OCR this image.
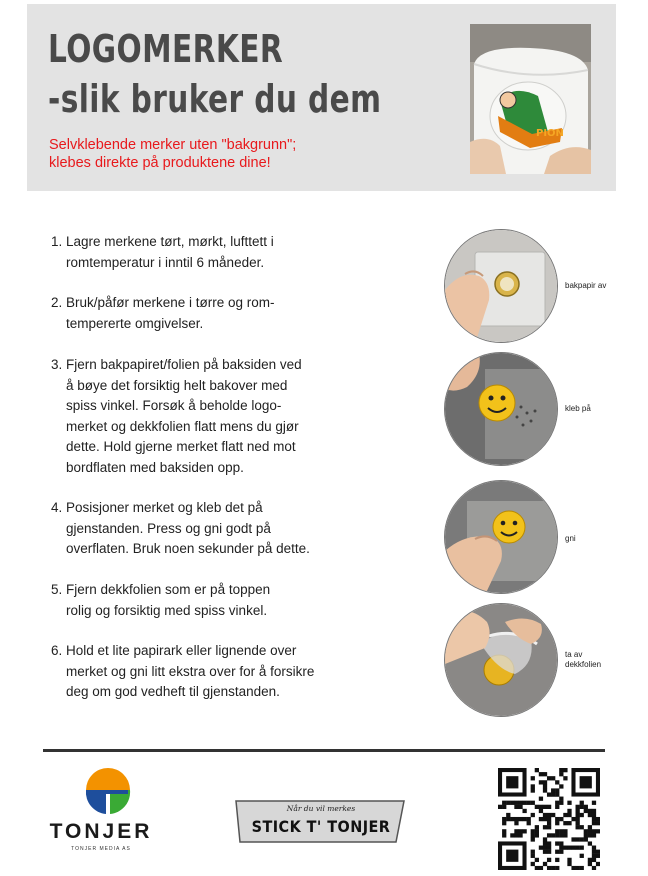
LOGOMERKER
-slik bruker du dem
Selvklebende merker uten "bakgrunn";
klebes direkte på produktene dine!
PION
1. Lagre merkene tørt, mørkt, lufttett i
romtemperatur i inntil 6 måneder.
2. Bruk/påfør merkene i tørre og rom-
tempererte omgivelser.
3. Fjern bakpapiret/folien på baksiden ved
å bøye det forsiktig helt bakover med
spiss vinkel. Forsøk å beholde logo-
merket og dekkfolien flatt mens du gjør
dette. Hold gjerne merket flatt ned mot
bordflaten med baksiden opp.
4. Posisjoner merket og kleb det på
gjenstanden. Press og gni godt på
overflaten. Bruk noen sekunder på dette.
5. Fjern dekkfolien som er på toppen
rolig og forsiktig med spiss vinkel.
6. Hold et lite papirark eller lignende over
merket og gni litt ekstra over for å forsikre
deg om god vedheft til gjenstanden.
bakpapir av
kleb på
gni
ta av
dekkfolien
TONJER
TONJER MEDIA AS
Når du vil merkes
STICK T' TONJER
